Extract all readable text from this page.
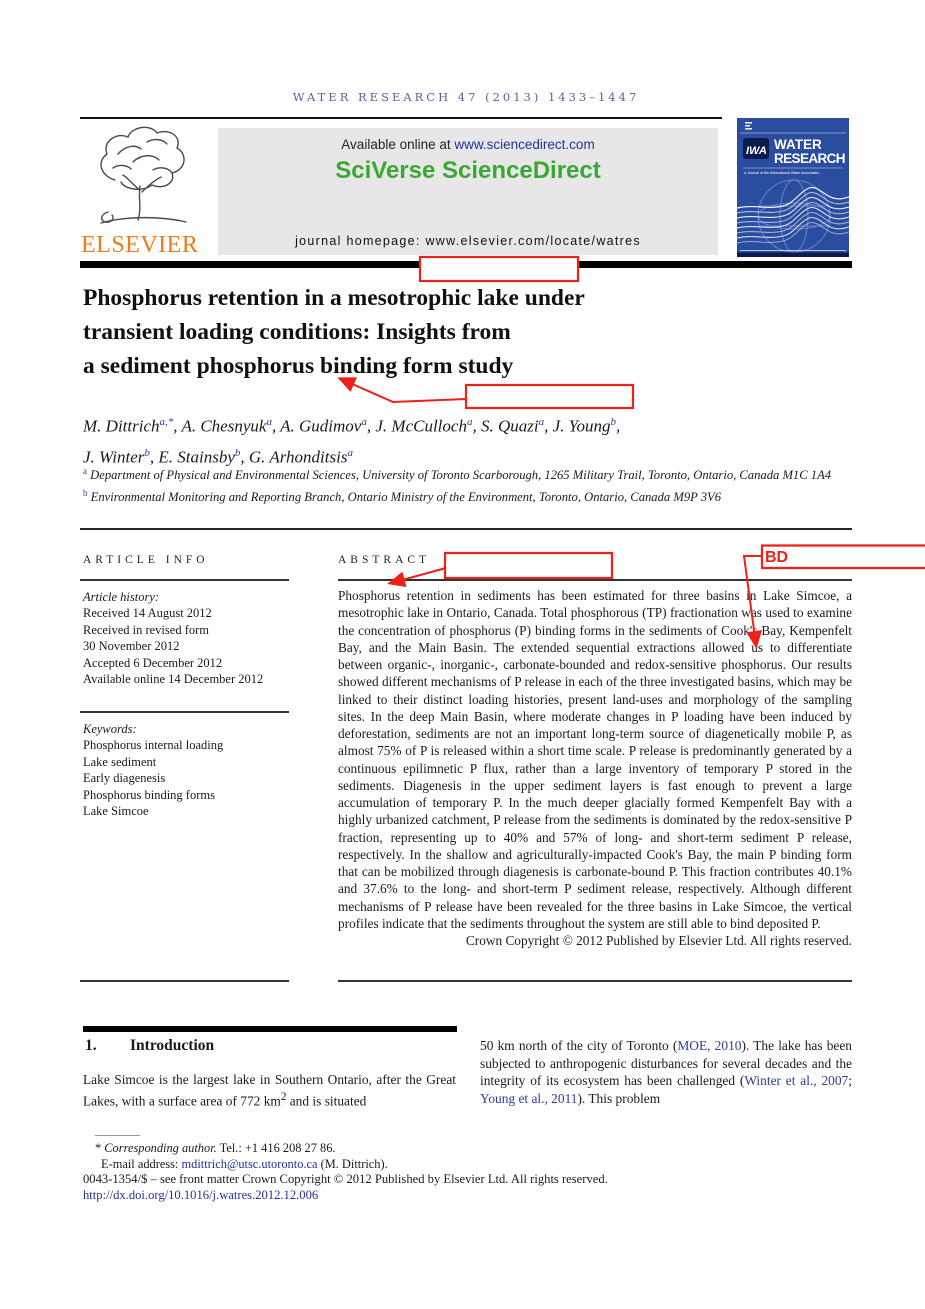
WATER RESEARCH 47 (2013) 1433–1447
ELSEVIER
Available online at www.sciencedirect.com
SciVerse ScienceDirect
journal homepage: www.elsevier.com/locate/watres
IWA WATER
RESEARCH
A Journal of the International Water Association
Phosphorus retention in a mesotrophic lake under
transient loading conditions: Insights from
a sediment phosphorus binding form study
M. Dittrich$^{a,*}$, A. Chesnyuk$^a$, A. Gudimov$^a$, J. McCulloch$^a$, S. Quazi$^a$, J. Young$^b$,
J. Winter$^b$, E. Stainsby$^b$, G. Arhonditsis$^a$
$^a$ Department of Physical and Environmental Sciences, University of Toronto Scarborough, 1265 Military Trail, Toronto, Ontario, Canada M1C 1A4
$^b$ Environmental Monitoring and Reporting Branch, Ontario Ministry of the Environment, Toronto, Ontario, Canada M9P 3V6
ARTICLE INFO
Article history:
Received 14 August 2012
Received in revised form
30 November 2012
Accepted 6 December 2012
Available online 14 December 2012
Keywords:
Phosphorus internal loading
Lake sediment
Early diagenesis
Phosphorus binding forms
Lake Simcoe
ABSTRACT
Phosphorus retention in sediments has been estimated for three basins in Lake Simcoe, a mesotrophic lake in Ontario, Canada. Total phosphorous (TP) fractionation was used to examine the concentration of phosphorus (P) binding forms in the sediments of Cook's Bay, Kempenfelt Bay, and the Main Basin. The extended sequential extractions allowed us to differentiate between organic-, inorganic-, carbonate-bounded and redox-sensitive phosphorus. Our results showed different mechanisms of P release in each of the three investigated basins, which may be linked to their distinct loading histories, present land-uses and morphology of the sampling sites. In the deep Main Basin, where moderate changes in P loading have been induced by deforestation, sediments are not an important long-term source of diagenetically mobile P, as almost 75% of P is released within a short time scale. P release is predominantly generated by a continuous epilimnetic P flux, rather than a large inventory of temporary P stored in the sediments. Diagenesis in the upper sediment layers is fast enough to prevent a large accumulation of temporary P. In the much deeper glacially formed Kempenfelt Bay with a highly urbanized catchment, P release from the sediments is dominated by the redox-sensitive P fraction, representing up to 40% and 57% of long- and short-term sediment P release, respectively. In the shallow and agriculturally-impacted Cook's Bay, the main P binding form that can be mobilized through diagenesis is carbonate-bound P. This fraction contributes 40.1% and 37.6% to the long- and short-term P sediment release, respectively. Although different mechanisms of P release have been revealed for the three basins in Lake Simcoe, the vertical profiles indicate that the sediments throughout the system are still able to bind deposited P.
Crown Copyright © 2012 Published by Elsevier Ltd. All rights reserved.
1. Introduction
Lake Simcoe is the largest lake in Southern Ontario, after the Great Lakes, with a surface area of 772 $km^2$ and is situated
50 km north of the city of Toronto (MOE, 2010). The lake has been subjected to anthropogenic disturbances for several decades and the integrity of its ecosystem has been challenged (Winter et al., 2007; Young et al., 2011). This problem
* Corresponding author. Tel.: +1 416 208 27 86.
E-mail address: mdittrich@utsc.utoronto.ca (M. Dittrich).
0043-1354/$ – see front matter Crown Copyright © 2012 Published by Elsevier Ltd. All rights reserved.
http://dx.doi.org/10.1016/j.watres.2012.12.006
BD
